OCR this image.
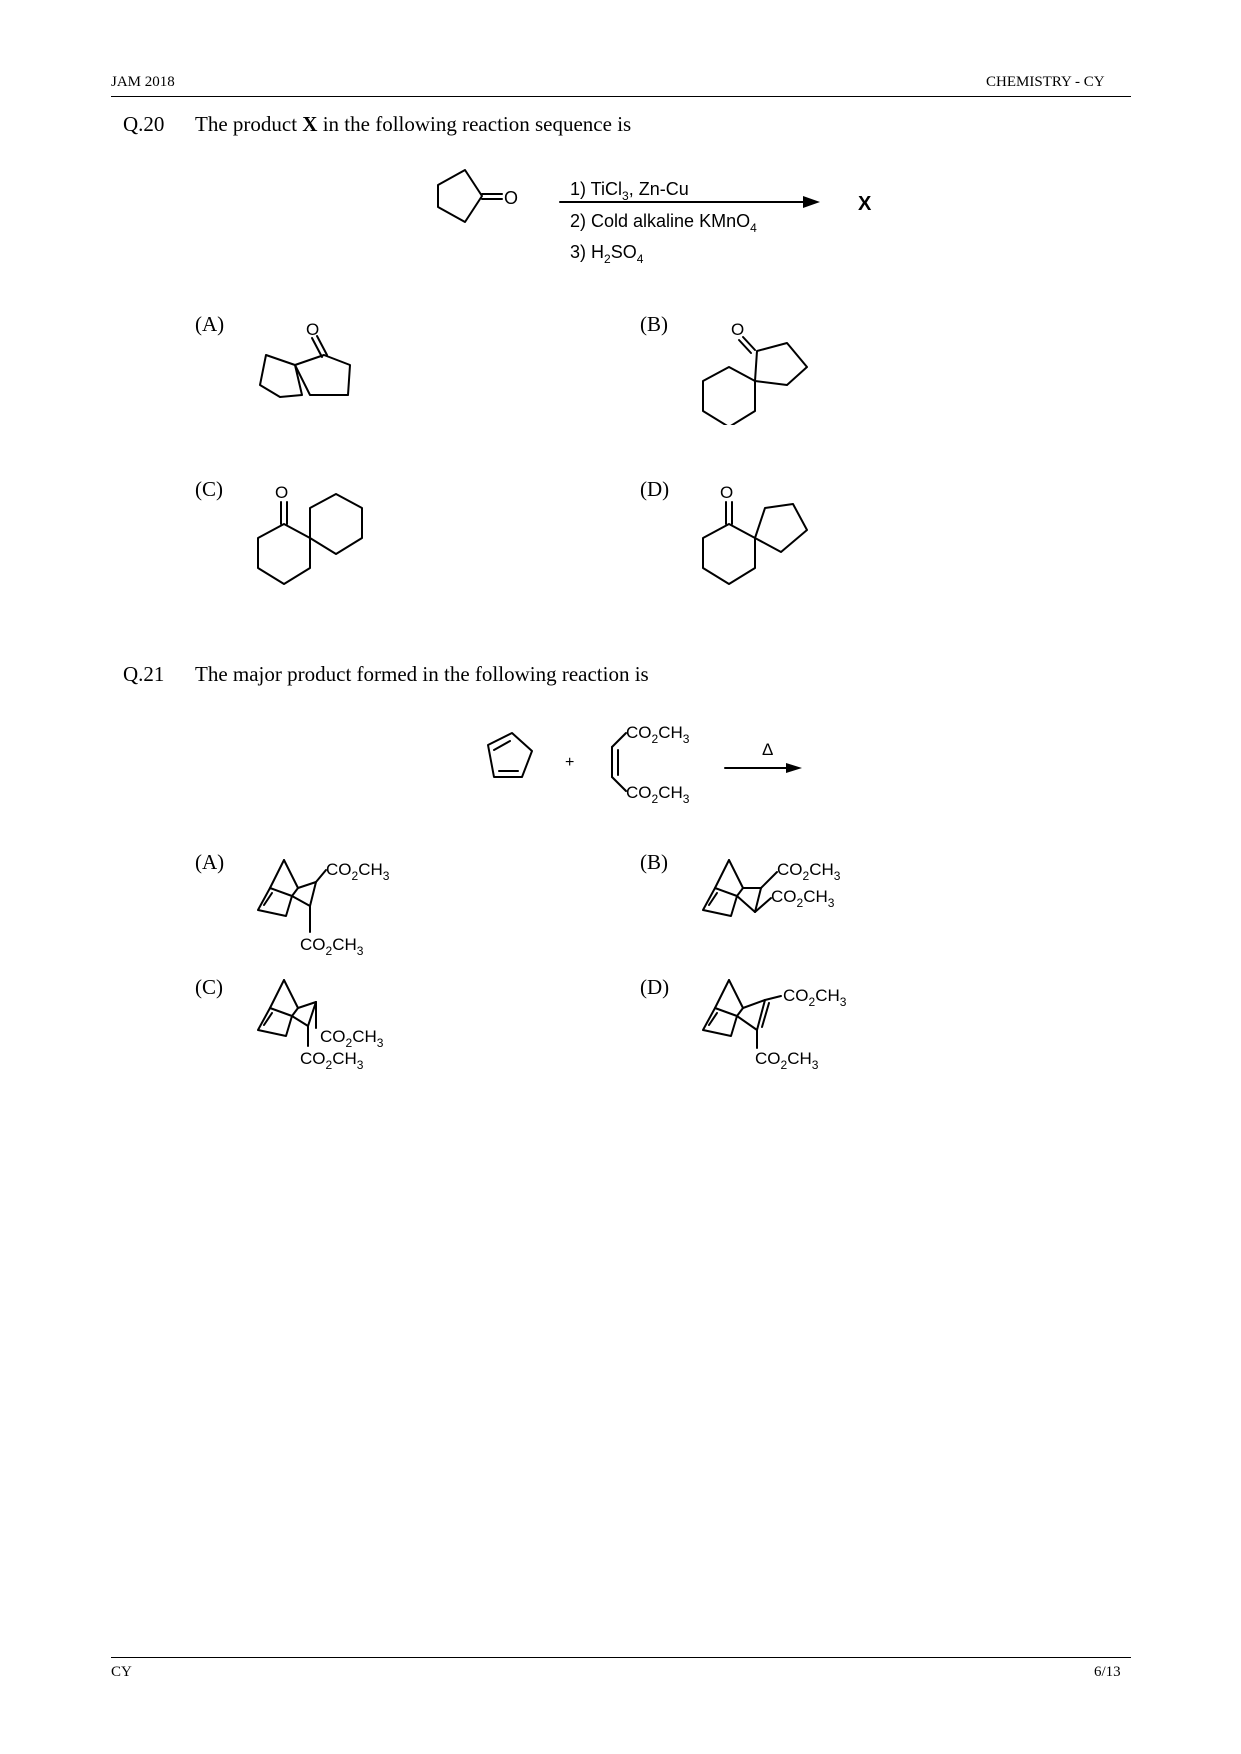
JAM 2018	CHEMISTRY - CY
Q.20 The product X in the following reaction sequence is
O	1) TiCl$_3$, Zn-Cu
2) Cold alkaline KMnO$_4$
3) $H_2SO_4$
X
(A)	(B)
(C)	(D)
O	O
O	O
Q.21 The major product formed in the following reaction is
+
$CO_2CH_3$
$CO_2CH_3$
Δ
(A)	(B)
(C)	(D)
$CO_2CH_3$
$CO_2CH_3$
$CO_2CH_3$
$CO_2CH_3$
$CO_2CH_3$
$CO_2CH_3$
$CO_2CH_3$
$CO_2CH_3$
CY	6/13
